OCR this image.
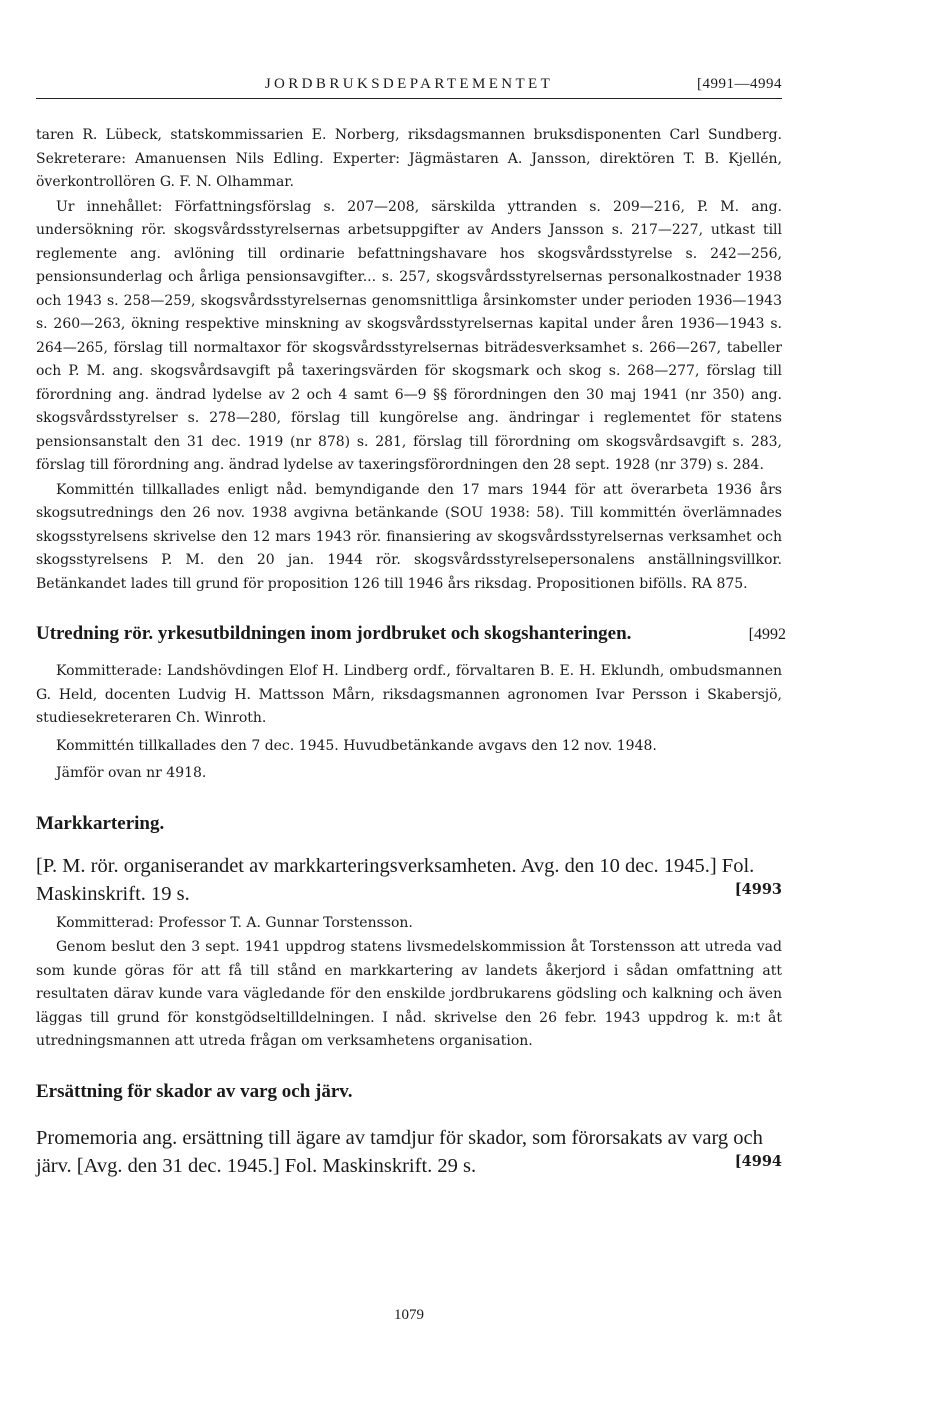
JORDBRUKSDEPARTEMENTET	[4991—4994

taren R. Lübeck, statskommissarien E. Norberg, riksdagsmannen bruksdisponenten Carl Sundberg. Sekreterare: Amanuensen Nils Edling. Experter: Jägmästaren A. Jansson, direktören T. B. Kjellén, överkontrollören G. F. N. Olhammar.

Ur innehållet: Författningsförslag s. 207—208, särskilda yttranden s. 209—216, P. M. ang. undersökning rör. skogsvårdsstyrelsernas arbetsuppgifter av Anders Jansson s. 217—227, utkast till reglemente ang. avlöning till ordinarie befattningshavare hos skogsvårdsstyrelse s. 242—256, pensionsunderlag och årliga pensionsavgifter... s. 257, skogsvårdsstyrelsernas personalkostnader 1938 och 1943 s. 258—259, skogsvårdsstyrelsernas genomsnittliga årsinkomster under perioden 1936—1943 s. 260—263, ökning respektive minskning av skogsvårdsstyrelsernas kapital under åren 1936—1943 s. 264—265, förslag till normaltaxor för skogsvårdsstyrelsernas biträdesverksamhet s. 266—267, tabeller och P. M. ang. skogsvårdsavgift på taxeringsvärden för skogsmark och skog s. 268—277, förslag till förordning ang. ändrad lydelse av 2 och 4 samt 6—9 §§ förordningen den 30 maj 1941 (nr 350) ang. skogsvårdsstyrelser s. 278—280, förslag till kungörelse ang. ändringar i reglementet för statens pensionsanstalt den 31 dec. 1919 (nr 878) s. 281, förslag till förordning om skogsvårdsavgift s. 283, förslag till förordning ang. ändrad lydelse av taxeringsförordningen den 28 sept. 1928 (nr 379) s. 284.

Kommittén tillkallades enligt nåd. bemyndigande den 17 mars 1944 för att överarbeta 1936 års skogsutrednings den 26 nov. 1938 avgivna betänkande (SOU 1938: 58). Till kommittén överlämnades skogsstyrelsens skrivelse den 12 mars 1943 rör. finansiering av skogsvårdsstyrelsernas verksamhet och skogsstyrelsens P. M. den 20 jan. 1944 rör. skogsvårdsstyrelsepersonalens anställningsvillkor. Betänkandet lades till grund för proposition 126 till 1946 års riksdag. Propositionen bifölls. RA 875.

Utredning rör. yrkesutbildningen inom jordbruket och skogshanteringen.	[4992

Kommitterade: Landshövdingen Elof H. Lindberg ordf., förvaltaren B. E. H. Eklundh, ombudsmannen G. Held, docenten Ludvig H. Mattsson Mårn, riksdagsmannen agronomen Ivar Persson i Skabersjö, studiesekreteraren Ch. Winroth.

Kommittén tillkallades den 7 dec. 1945. Huvudbetänkande avgavs den 12 nov. 1948.

Jämför ovan nr 4918.

Markkartering.
[P. M. rör. organiserandet av markkarteringsverksamheten. Avg. den 10 dec. 1945.] Fol. Maskinskrift. 19 s.	[4993

Kommitterad: Professor T. A. Gunnar Torstensson.

Genom beslut den 3 sept. 1941 uppdrog statens livsmedelskommission åt Torstensson att utreda vad som kunde göras för att få till stånd en markkartering av landets åkerjord i sådan omfattning att resultaten därav kunde vara vägledande för den enskilde jordbrukarens gödsling och kalkning och även läggas till grund för konstgödseltilldelningen. I nåd. skrivelse den 26 febr. 1943 uppdrog k. m:t åt utredningsmannen att utreda frågan om verksamhetens organisation.

Ersättning för skador av varg och järv.
Promemoria ang. ersättning till ägare av tamdjur för skador, som förorsakats av varg och järv. [Avg. den 31 dec. 1945.] Fol. Maskinskrift. 29 s.	[4994
1079
